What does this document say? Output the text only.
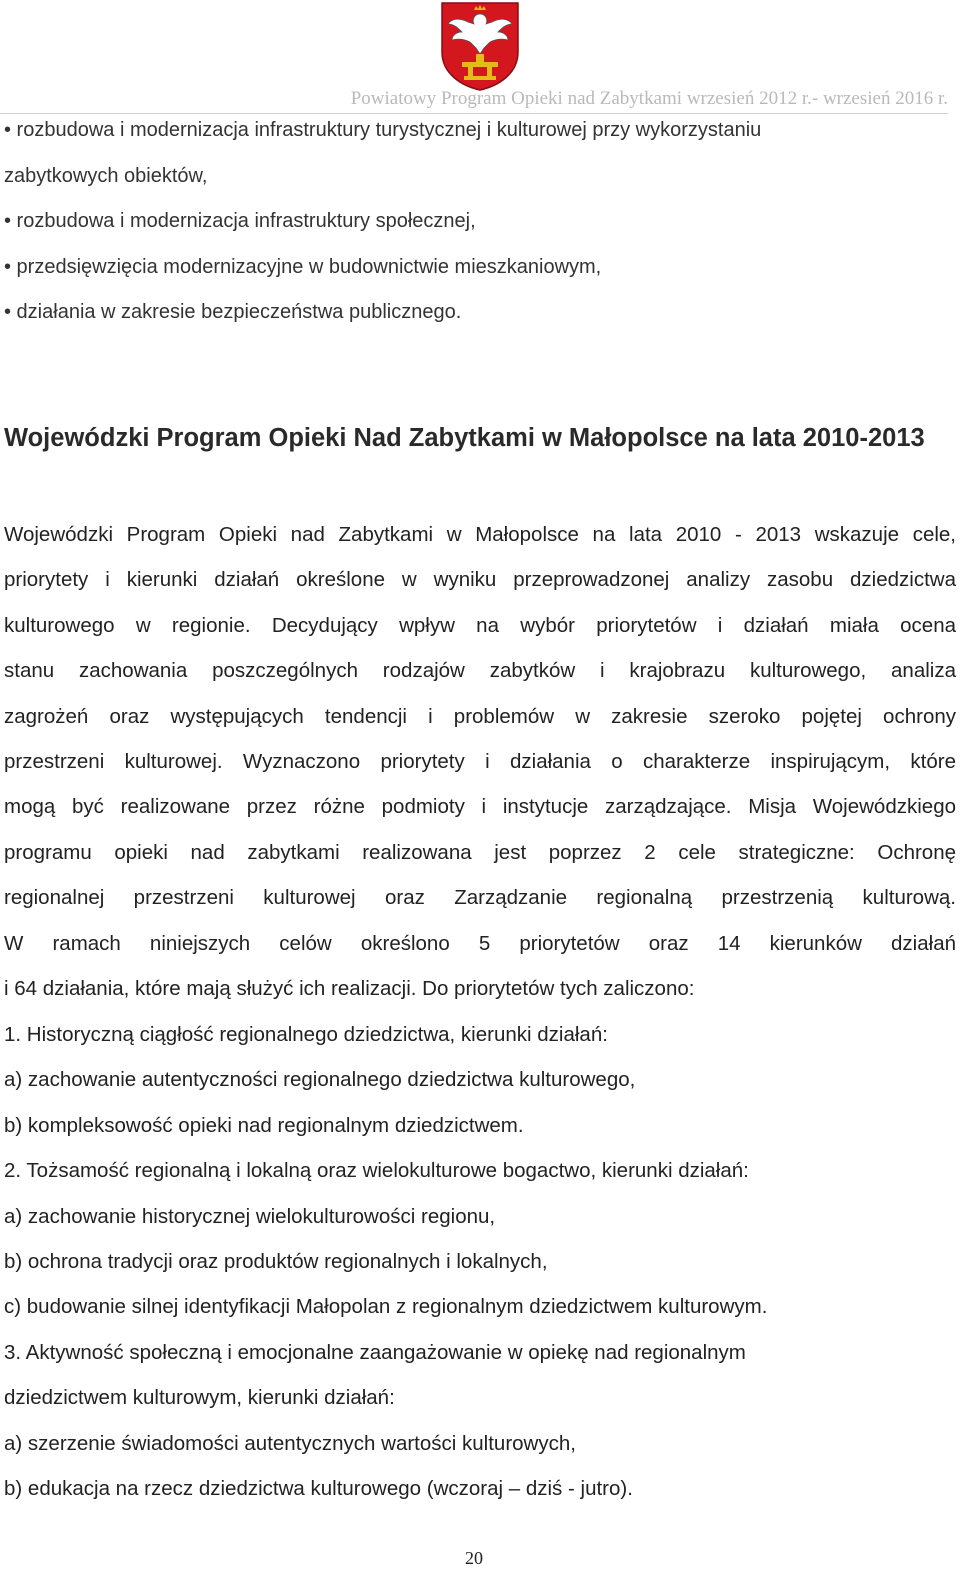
Powiatowy Program Opieki nad Zabytkami wrzesień 2012 r.- wrzesień 2016 r.
• rozbudowa i modernizacja infrastruktury turystycznej i kulturowej przy wykorzystaniu
zabytkowych obiektów,
• rozbudowa i modernizacja infrastruktury społecznej,
• przedsięwzięcia modernizacyjne w budownictwie mieszkaniowym,
• działania w zakresie bezpieczeństwa publicznego.
Wojewódzki Program Opieki Nad Zabytkami w Małopolsce na lata 2010-2013
Wojewódzki Program Opieki nad Zabytkami w Małopolsce na lata 2010 - 2013 wskazuje cele,
priorytety i kierunki działań określone w wyniku przeprowadzonej analizy zasobu dziedzictwa
kulturowego w regionie. Decydujący wpływ na wybór priorytetów i działań miała ocena
stanu zachowania poszczególnych rodzajów zabytków i krajobrazu kulturowego, analiza
zagrożeń oraz występujących tendencji i problemów w zakresie szeroko pojętej ochrony
przestrzeni kulturowej. Wyznaczono priorytety i działania o charakterze inspirującym, które
mogą być realizowane przez różne podmioty i instytucje zarządzające. Misja Wojewódzkiego
programu opieki nad zabytkami realizowana jest poprzez 2 cele strategiczne: Ochronę
regionalnej przestrzeni kulturowej oraz Zarządzanie regionalną przestrzenią kulturową.
W ramach niniejszych celów określono 5 priorytetów oraz 14 kierunków działań
i 64 działania, które mają służyć ich realizacji. Do priorytetów tych zaliczono:
1. Historyczną ciągłość regionalnego dziedzictwa, kierunki działań:
a) zachowanie autentyczności regionalnego dziedzictwa kulturowego,
b) kompleksowość opieki nad regionalnym dziedzictwem.
2. Tożsamość regionalną i lokalną oraz wielokulturowe bogactwo, kierunki działań:
a) zachowanie historycznej wielokulturowości regionu,
b) ochrona tradycji oraz produktów regionalnych i lokalnych,
c) budowanie silnej identyfikacji Małopolan z regionalnym dziedzictwem kulturowym.
3. Aktywność społeczną i emocjonalne zaangażowanie w opiekę nad regionalnym
dziedzictwem kulturowym, kierunki działań:
a) szerzenie świadomości autentycznych wartości kulturowych,
b) edukacja na rzecz dziedzictwa kulturowego (wczoraj – dziś - jutro).
20
